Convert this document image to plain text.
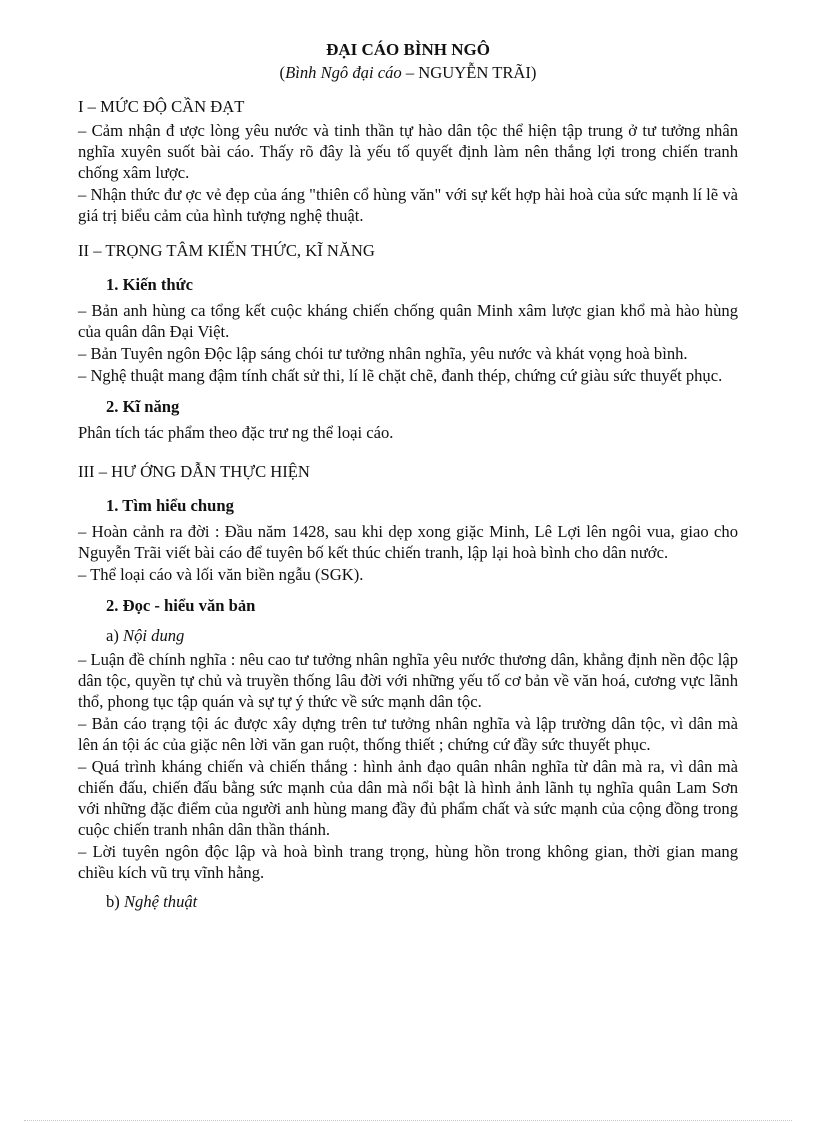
ĐẠI CÁO BÌNH NGÔ

(Bình Ngô đại cáo – NGUYỄN TRÃI)

I – MỨC ĐỘ CẦN ĐẠT

– Cảm nhận đ ược lòng yêu nước và tinh thần tự hào dân tộc thể hiện tập trung ở tư tưởng nhân nghĩa xuyên suốt bài cáo. Thấy rõ đây là yếu tố quyết định làm nên thắng lợi trong chiến tranh chống xâm lược.

– Nhận thức đư ợc vẻ đẹp của áng "thiên cổ hùng văn" với sự kết hợp hài hoà của sức mạnh lí lẽ và giá trị biểu cảm của hình tượng nghệ thuật.

II – TRỌNG TÂM KIẾN THỨC, KĨ NĂNG

1. Kiến thức

– Bản anh hùng ca tổng kết cuộc kháng chiến chống quân Minh xâm lược gian khổ mà hào hùng của quân dân Đại Việt.

– Bản Tuyên ngôn Độc lập sáng chói tư tưởng nhân nghĩa, yêu nước và khát vọng hoà bình.

– Nghệ thuật mang đậm tính chất sử thi, lí lẽ chặt chẽ, đanh thép, chứng cứ giàu sức thuyết phục.

2. Kĩ năng

Phân tích tác phẩm theo đặc trư ng thể loại cáo.

III – HƯ ỚNG DẪN THỰC HIỆN

1. Tìm hiểu chung

– Hoàn cảnh ra đời : Đầu năm 1428, sau khi dẹp xong giặc Minh, Lê Lợi lên ngôi vua, giao cho Nguyễn Trãi viết bài cáo để tuyên bố kết thúc chiến tranh, lập lại hoà bình cho dân nước.

– Thể loại cáo và lối văn biền ngẫu (SGK).

2. Đọc - hiểu văn bản

a) Nội dung

– Luận đề chính nghĩa : nêu cao tư tưởng nhân nghĩa yêu nước thương dân, khẳng định nền độc lập dân tộc, quyền tự chủ và truyền thống lâu đời với những yếu tố cơ bản về văn hoá, cương vực lãnh thổ, phong tục tập quán và sự tự ý thức về sức mạnh dân tộc.

– Bản cáo trạng tội ác được xây dựng trên tư tưởng nhân nghĩa và lập trường dân tộc, vì dân mà lên án tội ác của giặc nên lời văn gan ruột, thống thiết ; chứng cứ đầy sức thuyết phục.

– Quá trình kháng chiến và chiến thắng : hình ảnh đạo quân nhân nghĩa từ dân mà ra, vì dân mà chiến đấu, chiến đấu bằng sức mạnh của dân mà nổi bật là hình ảnh lãnh tụ nghĩa quân Lam Sơn với những đặc điểm của người anh hùng mang đầy đủ phẩm chất và sức mạnh của cộng đồng trong cuộc chiến tranh nhân dân thần thánh.

– Lời tuyên ngôn độc lập và hoà bình trang trọng, hùng hồn trong không gian, thời gian mang chiều kích vũ trụ vĩnh hằng.

b) Nghệ thuật
